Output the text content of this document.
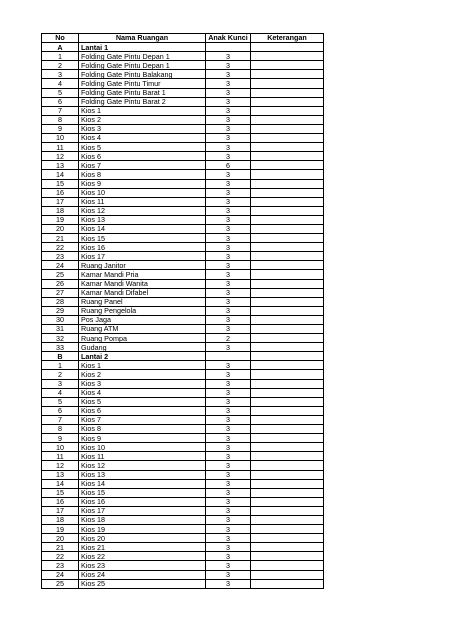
No	Nama Ruangan	Anak Kunci	Keterangan
A	Lantai 1		
1	Folding Gate Pintu Depan 1	3	
2	Folding Gate Pintu Depan 1	3	
3	Folding Gate Pintu Balakang	3	
4	Folding Gate Pintu Timur	3	
5	Folding Gate Pintu Barat 1	3	
6	Folding Gate Pintu Barat 2	3	
7	Kios 1	3	
8	Kios 2	3	
9	Kios 3	3	
10	Kios 4	3	
11	Kios 5	3	
12	Kios 6	3	
13	Kios 7	6	
14	Kios 8	3	
15	Kios 9	3	
16	Kios 10	3	
17	Kios 11	3	
18	Kios 12	3	
19	Kios 13	3	
20	Kios 14	3	
21	Kios 15	3	
22	Kios 16	3	
23	Kios 17	3	
24	Ruang Janitor	3	
25	Kamar Mandi Pria	3	
26	Kamar Mandi Wanita	3	
27	Kamar Mandi Difabel	3	
28	Ruang Panel	3	
29	Ruang Pengelola	3	
30	Pos Jaga	3	
31	Ruang ATM	3	
32	Ruang Pompa	2	
33	Gudang	3	
B	Lantai 2		
1	Kios 1	3	
2	Kios 2	3	
3	Kios 3	3	
4	Kios 4	3	
5	Kios 5	3	
6	Kios 6	3	
7	Kios 7	3	
8	Kios 8	3	
9	Kios 9	3	
10	Kios 10	3	
11	Kios 11	3	
12	Kios 12	3	
13	Kios 13	3	
14	Kios 14	3	
15	Kios 15	3	
16	Kios 16	3	
17	Kios 17	3	
18	Kios 18	3	
19	Kios 19	3	
20	Kios 20	3	
21	Kios 21	3	
22	Kios 22	3	
23	Kios 23	3	
24	Kios 24	3	
25	Kios 25	3	
